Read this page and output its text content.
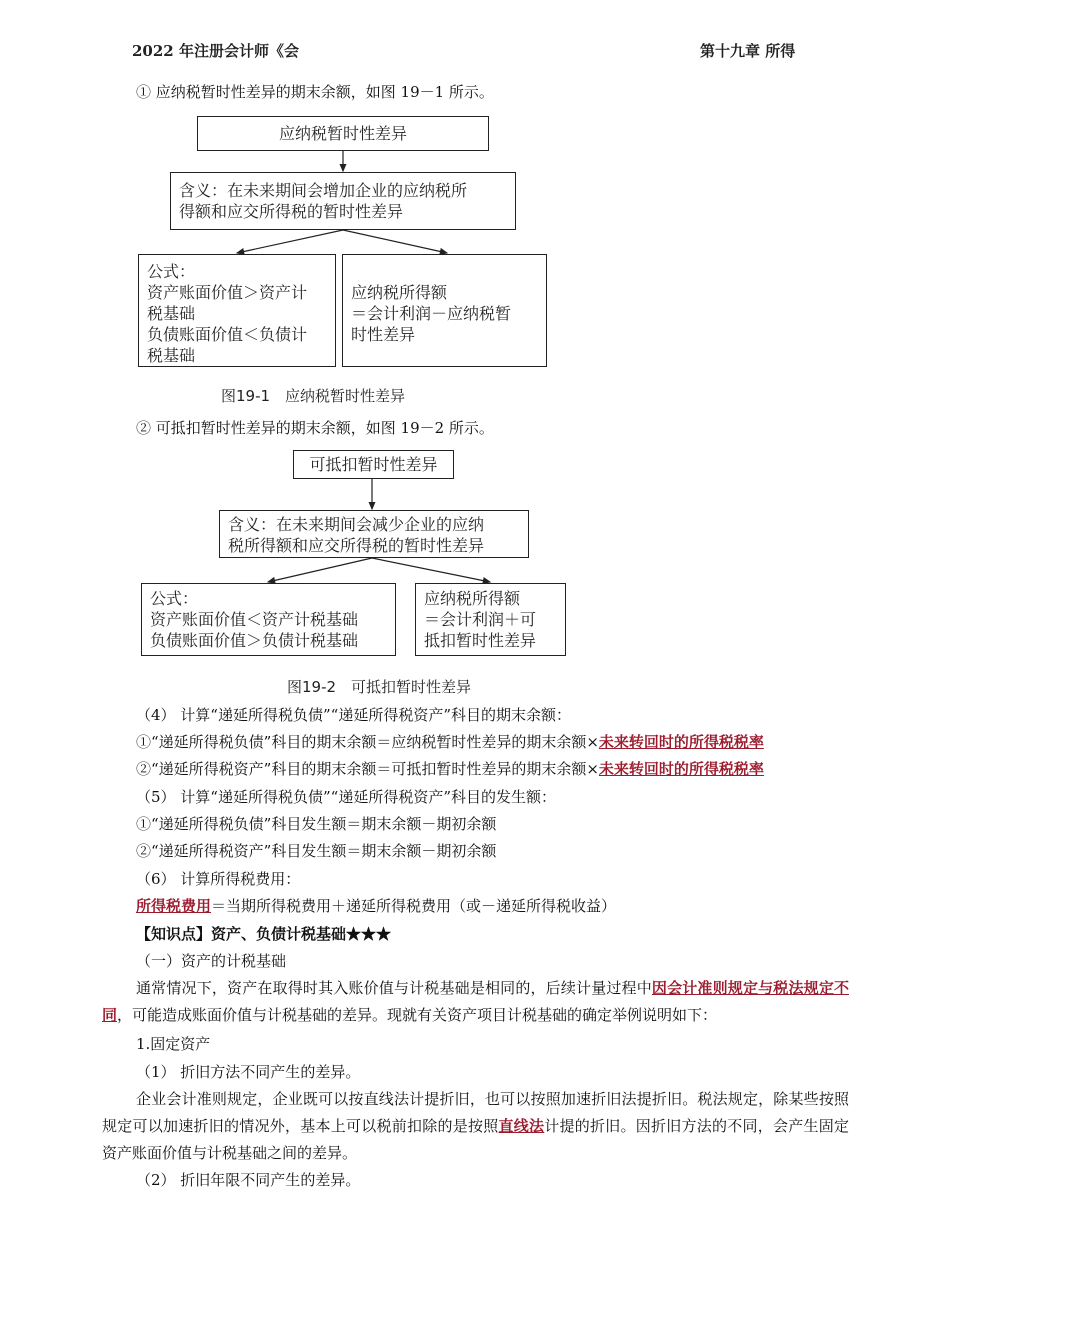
2022 年注册会计师《会	第十九章 所得
① 应纳税暂时性差异的期末余额，如图 19－1 所示。
应纳税暂时性差异
含义：在未来期间会增加企业的应纳税所
得额和应交所得税的暂时性差异
公式：
资产账面价值＞资产计
税基础
负债账面价值＜负债计
税基础
应纳税所得额
＝会计利润－应纳税暂
时性差异
图19-1　应纳税暂时性差异
② 可抵扣暂时性差异的期末余额，如图 19－2 所示。
可抵扣暂时性差异
含义：在未来期间会减少企业的应纳
税所得额和应交所得税的暂时性差异
公式：
资产账面价值＜资产计税基础
负债账面价值＞负债计税基础
应纳税所得额
＝会计利润＋可
抵扣暂时性差异
图19-2　可抵扣暂时性差异
（4） 计算“递延所得税负债”“递延所得税资产”科目的期末余额：
①“递延所得税负债”科目的期末余额＝应纳税暂时性差异的期末余额×未来转回时的所得税税率
②“递延所得税资产”科目的期末余额＝可抵扣暂时性差异的期末余额×未来转回时的所得税税率
（5） 计算“递延所得税负债”“递延所得税资产”科目的发生额：
①“递延所得税负债”科目发生额＝期末余额－期初余额
②“递延所得税资产”科目发生额＝期末余额－期初余额
（6） 计算所得税费用：
所得税费用＝当期所得税费用＋递延所得税费用（或－递延所得税收益）
【知识点】资产、负债计税基础★★★
（一）资产的计税基础
通常情况下，资产在取得时其入账价值与计税基础是相同的，后续计量过程中因会计准则规定与税法规定不同，可能造成账面价值与计税基础的差异。现就有关资产项目计税基础的确定举例说明如下：
1.固定资产
（1） 折旧方法不同产生的差异。
企业会计准则规定，企业既可以按直线法计提折旧，也可以按照加速折旧法提折旧。税法规定，除某些按照规定可以加速折旧的情况外，基本上可以税前扣除的是按照直线法计提的折旧。因折旧方法的不同，会产生固定资产账面价值与计税基础之间的差异。
（2） 折旧年限不同产生的差异。
